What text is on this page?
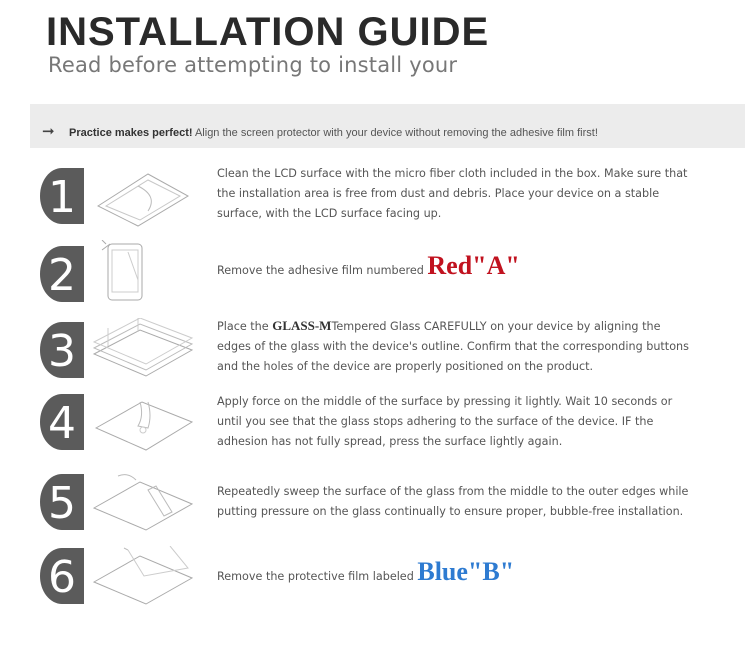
INSTALLATION GUIDE
Read before attempting to install your
➞ Practice makes perfect! Align the screen protector with your device without removing the adhesive film first!
1	Clean the LCD surface with the micro fiber cloth included in the box. Make sure that the installation area is free from dust and debris. Place your device on a stable surface, with the LCD surface facing up.
2	Remove the adhesive film numbered Red"A"
3	Place the GLASS-MTempered Glass CAREFULLY on your device by aligning the edges of the glass with the device's outline. Confirm that the corresponding buttons and the holes of the device are properly positioned on the product.
4	Apply force on the middle of the surface by pressing it lightly. Wait 10 seconds or until you see that the glass stops adhering to the surface of the device. IF the adhesion has not fully spread, press the surface lightly again.
5	Repeatedly sweep the surface of the glass from the middle to the outer edges while putting pressure on the glass continually to ensure proper, bubble-free installation.
6	Remove the protective film labeled Blue"B"
